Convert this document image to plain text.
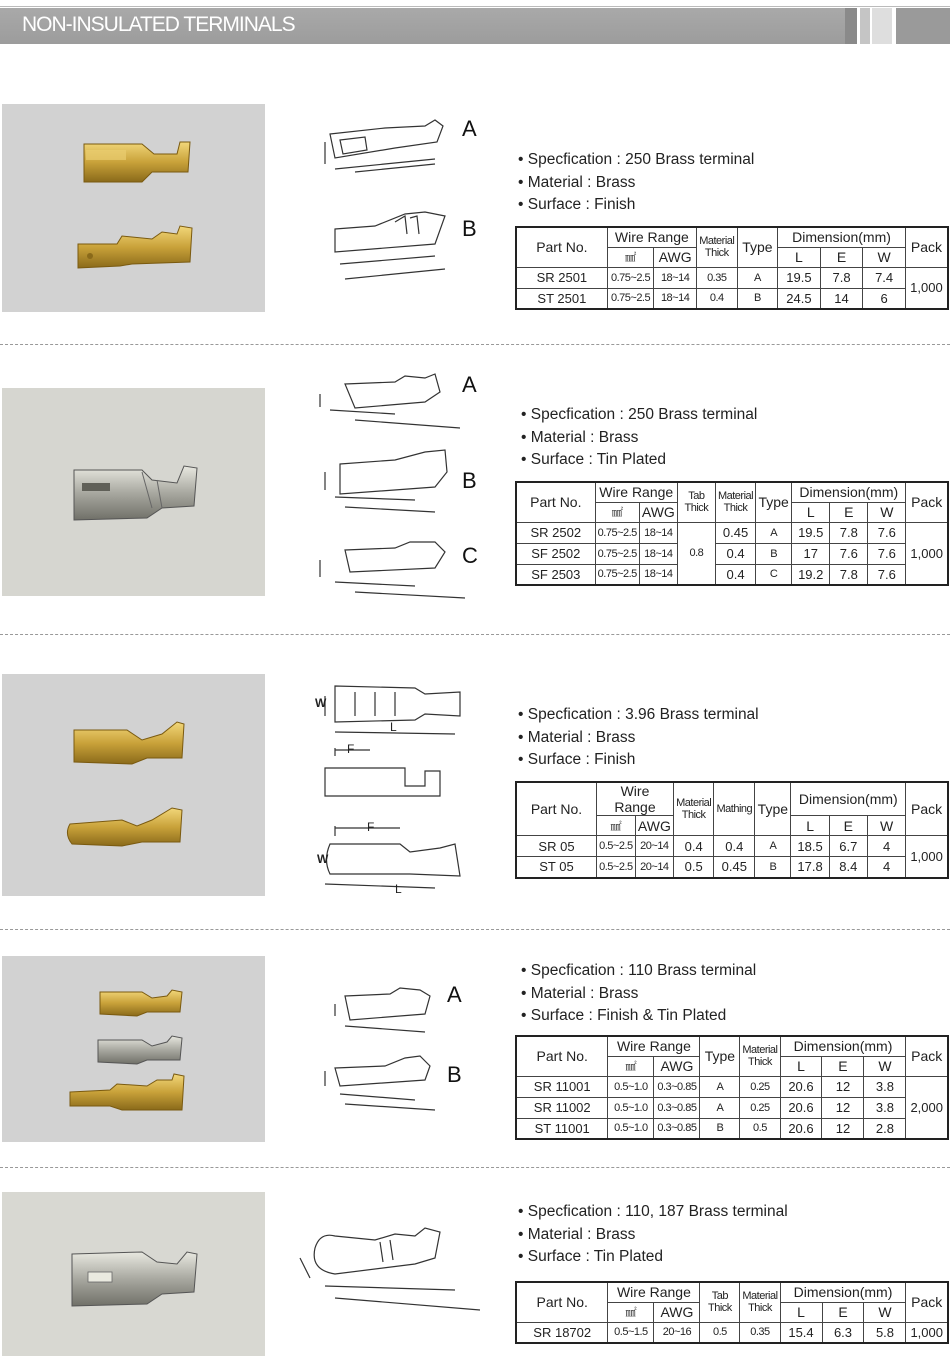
NON-INSULATED TERMINALS
A
B
• Specfication : 250 Brass terminal
• Material : Brass
• Surface : Finish
Part No.	Wire Range		Material Thick	Type	Dimension(mm)			Pack
	㎟	AWG			L	E	W	
SR 2501	0.75~2.5	18~14	0.35	A	19.5	7.8	7.4	1,000
ST 2501	0.75~2.5	18~14	0.4	B	24.5	14	6	
A
B
C
• Specfication : 250 Brass terminal
• Material : Brass
• Surface : Tin Plated
Part No.	Wire Range		Tab Thick	Material Thick	Type	Dimension(mm)			Pack
	㎟	AWG				L	E	W	
SR 2502	0.75~2.5	18~14	0.8	0.45	A	19.5	7.8	7.6	1,000
SF 2502	0.75~2.5	18~14		0.4	B	17	7.6	7.6	
SF 2503	0.75~2.5	18~14		0.4	C	19.2	7.8	7.6	
W
L
F
F
W
L
• Specfication : 3.96 Brass terminal
• Material : Brass
• Surface : Finish
Part No.	Wire Range		Material Thick	Mathing	Type	Dimension(mm)			Pack
	㎟	AWG				L	E	W	
SR 05	0.5~2.5	20~14	0.4	0.4	A	18.5	6.7	4	1,000
ST 05	0.5~2.5	20~14	0.5	0.45	B	17.8	8.4	4	
A
B
• Specfication : 110 Brass terminal
• Material : Brass
• Surface : Finish & Tin Plated
Part No.	Wire Range		Type	Material Thick	Dimension(mm)			Pack
	㎟	AWG			L	E	W	
SR 11001	0.5~1.0	0.3~0.85	A	0.25	20.6	12	3.8	2,000
SR 11002	0.5~1.0	0.3~0.85	A	0.25	20.6	12	3.8	
ST 11001	0.5~1.0	0.3~0.85	B	0.5	20.6	12	2.8	
• Specfication : 110, 187 Brass terminal
• Material : Brass
• Surface : Tin Plated
Part No.	Wire Range		Tab Thick	Material Thick	Dimension(mm)			Pack
	㎟	AWG			L	E	W	
SR 18702	0.5~1.5	20~16	0.5	0.35	15.4	6.3	5.8	1,000
